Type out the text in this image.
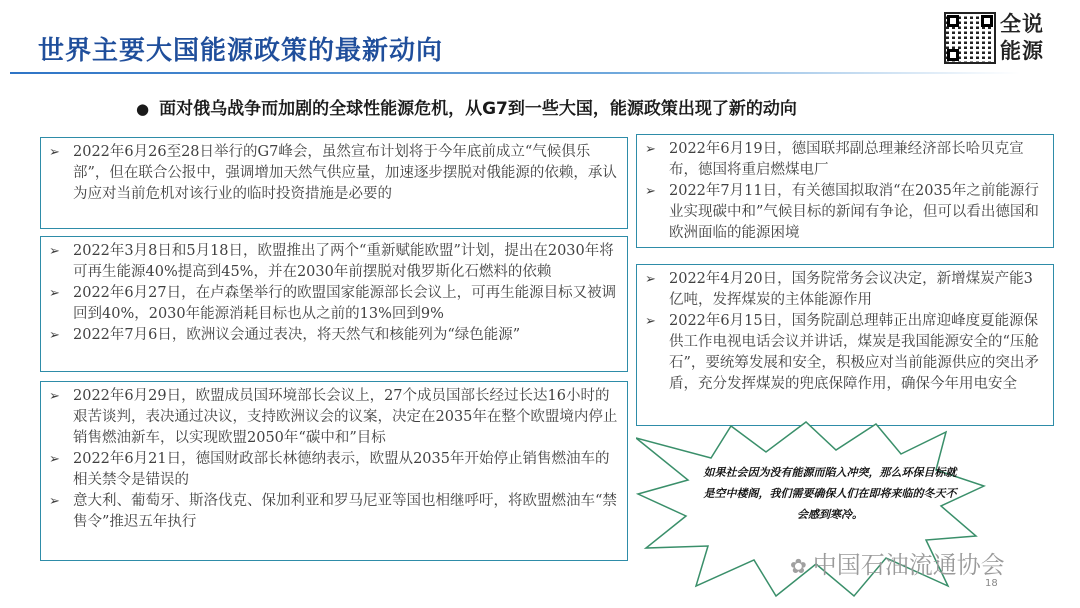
世界主要大国能源政策的最新动向
全说
能源
● 面对俄乌战争而加剧的全球性能源危机，从G7到一些大国，能源政策出现了新的动向
➢ 2022年6月26至28日举行的G7峰会，虽然宣布计划将于今年底前成立“气候俱乐部”，但在联合公报中，强调增加天然气供应量，加速逐步摆脱对俄能源的依赖，承认为应对当前危机对该行业的临时投资措施是必要的
➢ 2022年3月8日和5月18日，欧盟推出了两个“重新赋能欧盟”计划，提出在2030年将可再生能源40%提高到45%，并在2030年前摆脱对俄罗斯化石燃料的依赖
➢ 2022年6月27日，在卢森堡举行的欧盟国家能源部长会议上，可再生能源目标又被调回到40%，2030年能源消耗目标也从之前的13%回到9%
➢ 2022年7月6日，欧洲议会通过表决，将天然气和核能列为“绿色能源”
➢ 2022年6月29日，欧盟成员国环境部长会议上，27个成员国部长经过长达16小时的艰苦谈判，表决通过决议，支持欧洲议会的议案，决定在2035年在整个欧盟境内停止销售燃油新车，以实现欧盟2050年“碳中和”目标
➢ 2022年6月21日，德国财政部长林德纳表示，欧盟从2035年开始停止销售燃油车的相关禁令是错误的
➢ 意大利、葡萄牙、斯洛伐克、保加利亚和罗马尼亚等国也相继呼吁，将欧盟燃油车“禁售令”推迟五年执行
➢ 2022年6月19日，德国联邦副总理兼经济部长哈贝克宣布，德国将重启燃煤电厂
➢ 2022年7月11日，有关德国拟取消“在2035年之前能源行业实现碳中和”气候目标的新闻有争论，但可以看出德国和欧洲面临的能源困境
➢ 2022年4月20日，国务院常务会议决定，新增煤炭产能3亿吨，发挥煤炭的主体能源作用
➢ 2022年6月15日，国务院副总理韩正出席迎峰度夏能源保供工作电视电话会议并讲话，煤炭是我国能源安全的“压舱石”，要统筹发展和安全，积极应对当前能源供应的突出矛盾，充分发挥煤炭的兜底保障作用，确保今年用电安全
如果社会因为没有能源而陷入冲突，那么环保目标就是空中楼阁，我们需要确保人们在即将来临的冬天不会感到寒冷。
✿ 中国石油流通协会
18
